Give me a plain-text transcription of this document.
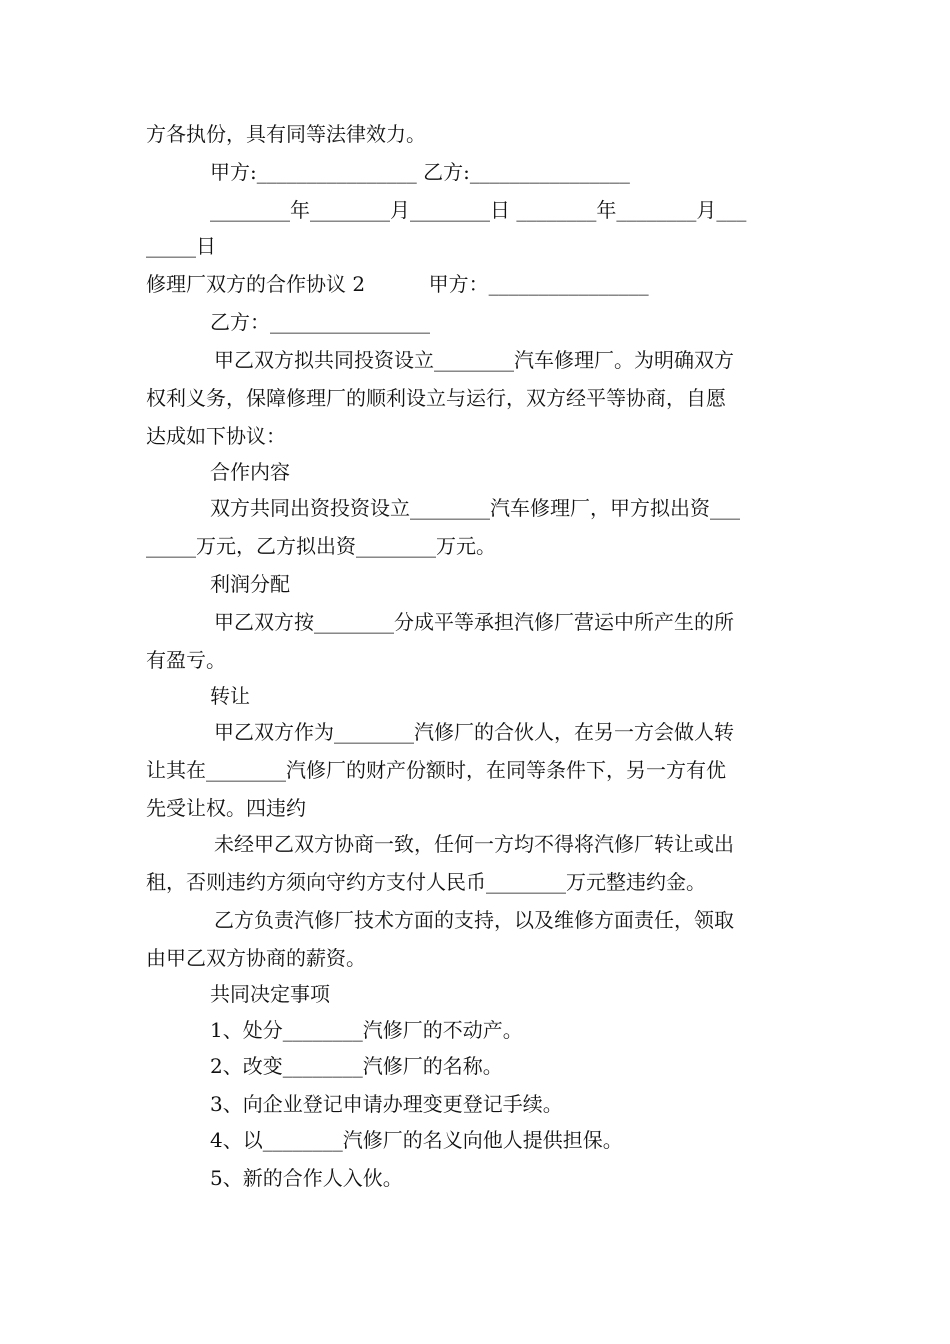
方各执份，具有同等法律效力。
甲方:________________ 乙方:________________
________年________月________日 ________年________月___
_____日
修理厂双方的合作协议 2          甲方：________________
乙方：________________
甲乙双方拟共同投资设立________汽车修理厂。为明确双方
权利义务，保障修理厂的顺利设立与运行，双方经平等协商，自愿
达成如下协议：
合作内容
双方共同出资投资设立________汽车修理厂，甲方拟出资___
_____万元，乙方拟出资________万元。
利润分配
甲乙双方按________分成平等承担汽修厂营运中所产生的所
有盈亏。
转让
甲乙双方作为________汽修厂的合伙人，在另一方会做人转
让其在________汽修厂的财产份额时，在同等条件下，另一方有优
先受让权。四违约
未经甲乙双方协商一致，任何一方均不得将汽修厂转让或出
租，否则违约方须向守约方支付人民币________万元整违约金。
乙方负责汽修厂技术方面的支持，以及维修方面责任，领取
由甲乙双方协商的薪资。
共同决定事项
1、处分________汽修厂的不动产。
2、改变________汽修厂的名称。
3、向企业登记申请办理变更登记手续。
4、以________汽修厂的名义向他人提供担保。
5、新的合作人入伙。
